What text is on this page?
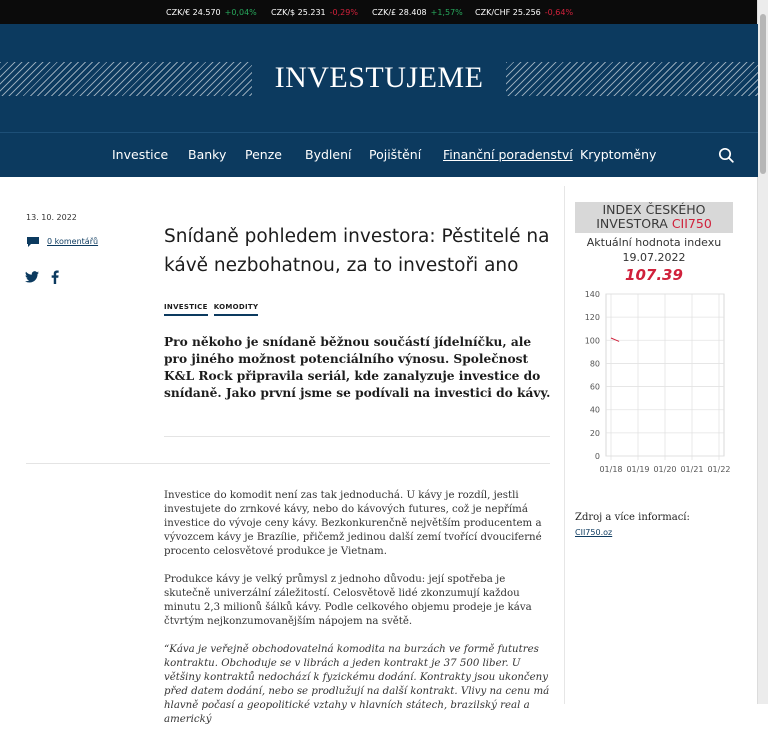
CZK/€ 24.570 +0,04% CZK/$ 25.231 -0,29% CZK/£ 28.408 +1,57% CZK/CHF 25.256 -0,64%
INVESTUJEME
Investice Banky Penze Bydlení Pojištění Finanční poradenství Kryptoměny
13. 10. 2022
0 komentářů	Snídaně pohledem investora: Pěstitelé na kávě nezbohatnou, za to investoři ano
INVESTICE KOMODITY

Pro někoho je snídaně běžnou součástí jídelníčku, ale pro jiného možnost potenciálního výnosu. Společnost K&L Rock připravila seriál, kde zanalyzuje investice do snídaně. Jako první jsme se podívali na investici do kávy.

Investice do komodit není zas tak jednoduchá. U kávy je rozdíl, jestli investujete do zrnkové kávy, nebo do kávových futures, což je nepřímá investice do vývoje ceny kávy. Bezkonkurenčně největším producentem a vývozcem kávy je Brazílie, přičemž jedinou další zemí tvořící dvouciferné procento celosvětové produkce je Vietnam.

Produkce kávy je velký průmysl z jednoho důvodu: její spotřeba je skutečně univerzální záležitostí. Celosvětově lidé zkonzumují každou minutu 2,3 milionů šálků kávy. Podle celkového objemu prodeje je káva čtvrtým nejkonzumovanějším nápojem na světě.

“Káva je veřejně obchodovatelná komodita na burzách ve formě fututres kontraktu. Obchoduje se v librách a jeden kontrakt je 37 500 liber. U většiny kontraktů nedochází k fyzickému dodání. Kontrakty jsou ukončeny před datem dodání, nebo se prodlužují na další kontrakt. Vlivy na cenu má hlavně počasí a geopolitické vztahy v hlavních státech, brazilský real a americký

INDEX ČESKÉHO
INVESTORA CII750
Aktuální hodnota indexu
19.07.2022
107.39
0
20
40
60
80
100
120
140
01/18 01/19 01/20 01/21 01/22
Zdroj a více informací:
CII750.oz
